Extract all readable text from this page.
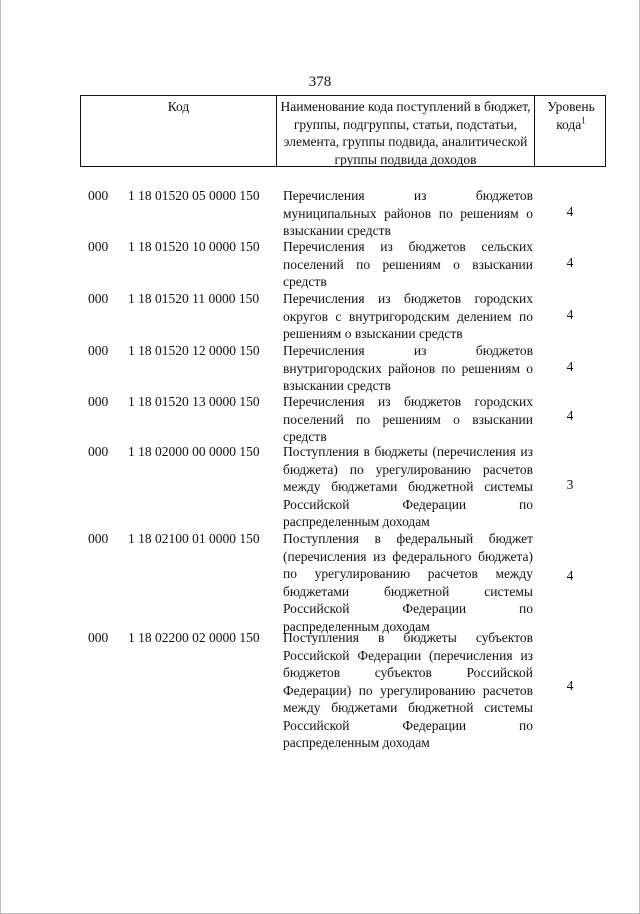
378
Код	Наименование кода поступлений в бюджет, группы, подгруппы, статьи, подстатьи, элемента, группы подвида, аналитической группы подвида доходов
Уровень кода$^1$
000	1 18 01520 05 0000 150	Перечисления из бюджетов муниципальных районов по решениям о взыскании средств
4
000	1 18 01520 10 0000 150	Перечисления из бюджетов сельских поселений по решениям о взыскании средств
4
000	1 18 01520 11 0000 150	Перечисления из бюджетов городских округов с внутригородским делением по решениям о взыскании средств
4
000	1 18 01520 12 0000 150	Перечисления из бюджетов внутригородских районов по решениям о взыскании средств
4
000	1 18 01520 13 0000 150	Перечисления из бюджетов городских поселений по решениям о взыскании средств
4
000	1 18 02000 00 0000 150	Поступления в бюджеты (перечисления из бюджета) по урегулированию расчетов между бюджетами бюджетной системы Российской Федерации по распределенным доходам
3
000	1 18 02100 01 0000 150	Поступления в федеральный бюджет (перечисления из федерального бюджета) по урегулированию расчетов между бюджетами бюджетной системы Российской Федерации по распределенным доходам
4
000	1 18 02200 02 0000 150	Поступления в бюджеты субъектов Российской Федерации (перечисления из бюджетов субъектов Российской Федерации) по урегулированию расчетов между бюджетами бюджетной системы Российской Федерации по распределенным доходам
4
